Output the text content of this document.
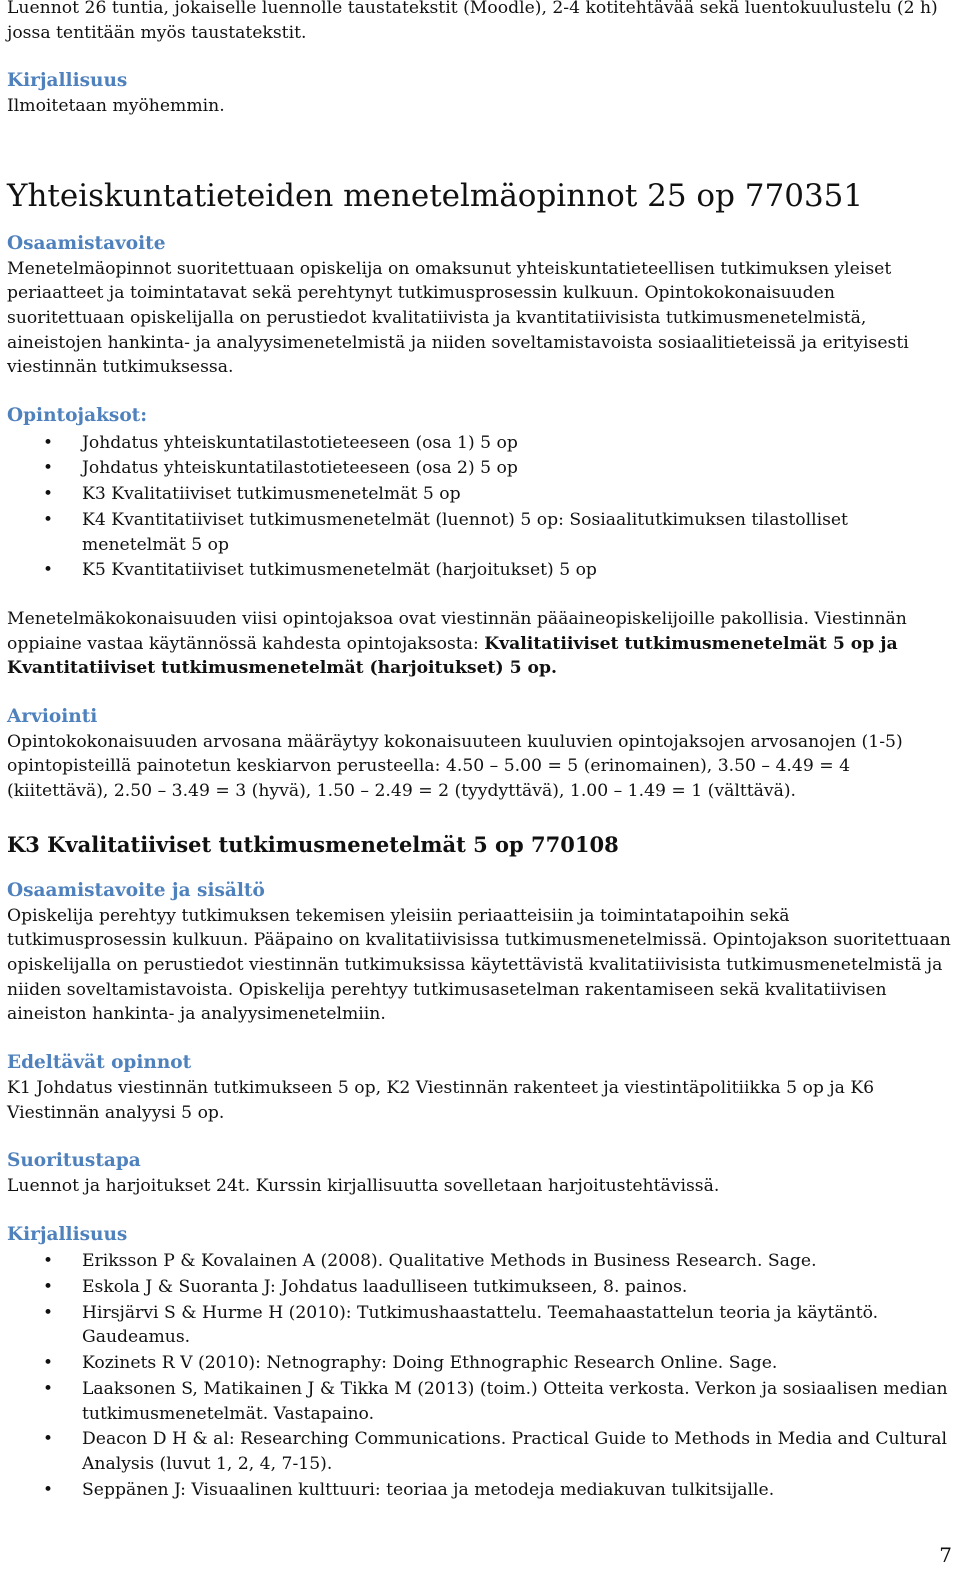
Luennot 26 tuntia, jokaiselle luennolle taustatekstit (Moodle), 2-4 kotitehtävää sekä luentokuulustelu (2 h) jossa tentitään myös taustatekstit.

Kirjallisuus

Ilmoitetaan myöhemmin.

Yhteiskuntatieteiden menetelmäopinnot 25 op 770351
Osaamistavoite

Menetelmäopinnot suoritettuaan opiskelija on omaksunut yhteiskuntatieteellisen tutkimuksen yleiset periaatteet ja toimintatavat sekä perehtynyt tutkimusprosessin kulkuun. Opintokokonaisuuden suoritettuaan opiskelijalla on perustiedot kvalitatiivista ja kvantitatiivisista tutkimusmenetelmistä, aineistojen hankinta- ja analyysimenetelmistä ja niiden soveltamistavoista sosiaalitieteissä ja erityisesti viestinnän tutkimuksessa.

Opintojaksot:
• Johdatus yhteiskuntatilastotieteeseen (osa 1) 5 op
• Johdatus yhteiskuntatilastotieteeseen (osa 2) 5 op
• K3 Kvalitatiiviset tutkimusmenetelmät 5 op
• K4 Kvantitatiiviset tutkimusmenetelmät (luennot) 5 op: Sosiaalitutkimuksen tilastolliset menetelmät 5 op
• K5 Kvantitatiiviset tutkimusmenetelmät (harjoitukset) 5 op

Menetelmäkokonaisuuden viisi opintojaksoa ovat viestinnän pääaineopiskelijoille pakollisia. Viestinnän oppiaine vastaa käytännössä kahdesta opintojaksosta: Kvalitatiiviset tutkimusmenetelmät 5 op ja Kvantitatiiviset tutkimusmenetelmät (harjoitukset) 5 op.

Arviointi

Opintokokonaisuuden arvosana määräytyy kokonaisuuteen kuuluvien opintojaksojen arvosanojen (1-5) opintopisteillä painotetun keskiarvon perusteella: 4.50 – 5.00 = 5 (erinomainen), 3.50 – 4.49 = 4 (kiitettävä), 2.50 – 3.49 = 3 (hyvä), 1.50 – 2.49 = 2 (tyydyttävä), 1.00 – 1.49 = 1 (välttävä).

K3 Kvalitatiiviset tutkimusmenetelmät 5 op 770108
Osaamistavoite ja sisältö

Opiskelija perehtyy tutkimuksen tekemisen yleisiin periaatteisiin ja toimintatapoihin sekä tutkimusprosessin kulkuun. Pääpaino on kvalitatiivisissa tutkimusmenetelmissä. Opintojakson suoritettuaan opiskelijalla on perustiedot viestinnän tutkimuksissa käytettävistä kvalitatiivisista tutkimusmenetelmistä ja niiden soveltamistavoista. Opiskelija perehtyy tutkimusasetelman rakentamiseen sekä kvalitatiivisen aineiston hankinta- ja analyysimenetelmiin.

Edeltävät opinnot

K1 Johdatus viestinnän tutkimukseen 5 op, K2 Viestinnän rakenteet ja viestintäpolitiikka 5 op ja K6 Viestinnän analyysi 5 op.

Suoritustapa

Luennot ja harjoitukset 24t. Kurssin kirjallisuutta sovelletaan harjoitustehtävissä.

Kirjallisuus
• Eriksson P & Kovalainen A (2008). Qualitative Methods in Business Research. Sage.
• Eskola J & Suoranta J: Johdatus laadulliseen tutkimukseen, 8. painos.
• Hirsjärvi S & Hurme H (2010): Tutkimushaastattelu. Teemahaastattelun teoria ja käytäntö. Gaudeamus.
• Kozinets R V (2010): Netnography: Doing Ethnographic Research Online. Sage.
• Laaksonen S, Matikainen J & Tikka M (2013) (toim.) Otteita verkosta. Verkon ja sosiaalisen median tutkimusmenetelmät. Vastapaino.
• Deacon D H & al: Researching Communications. Practical Guide to Methods in Media and Cultural Analysis (luvut 1, 2, 4, 7-15).
• Seppänen J: Visuaalinen kulttuuri: teoriaa ja metodeja mediakuvan tulkitsijalle.
7
